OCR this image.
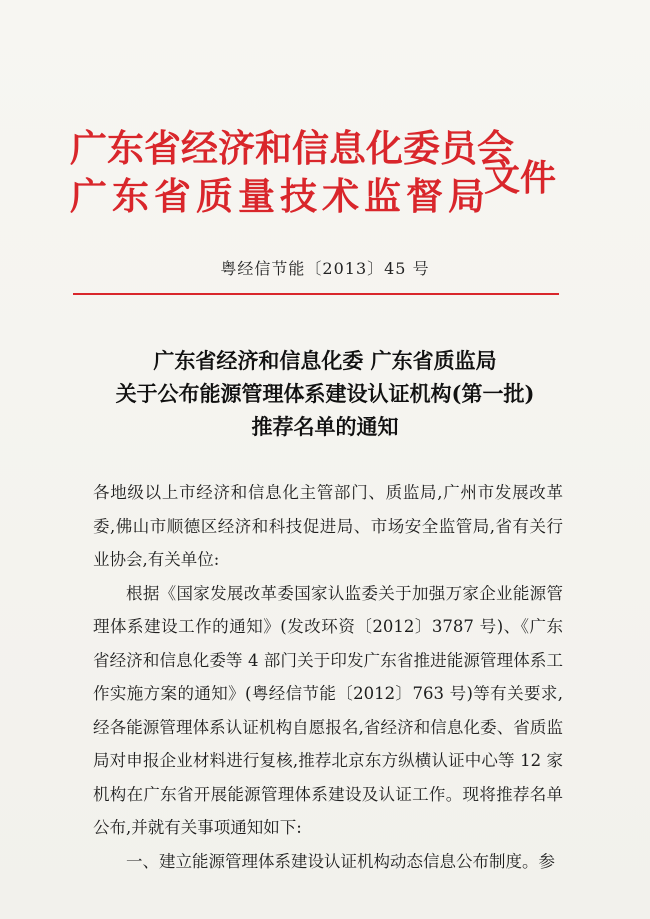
广东省经济和信息化委员会
广东省质量技术监督局
文件
粤经信节能〔2013〕45 号
广东省经济和信息化委 广东省质监局
关于公布能源管理体系建设认证机构(第一批)
推荐名单的通知

各地级以上市经济和信息化主管部门、质监局,广州市发展改革委,佛山市顺德区经济和科技促进局、市场安全监管局,省有关行业协会,有关单位:

根据《国家发展改革委国家认监委关于加强万家企业能源管理体系建设工作的通知》(发改环资〔2012〕3787 号)、《广东省经济和信息化委等 4 部门关于印发广东省推进能源管理体系工作实施方案的通知》(粤经信节能〔2012〕763 号)等有关要求,经各能源管理体系认证机构自愿报名,省经济和信息化委、省质监局对申报企业材料进行复核,推荐北京东方纵横认证中心等 12 家机构在广东省开展能源管理体系建设及认证工作。现将推荐名单公布,并就有关事项通知如下:

一、建立能源管理体系建设认证机构动态信息公布制度。参
